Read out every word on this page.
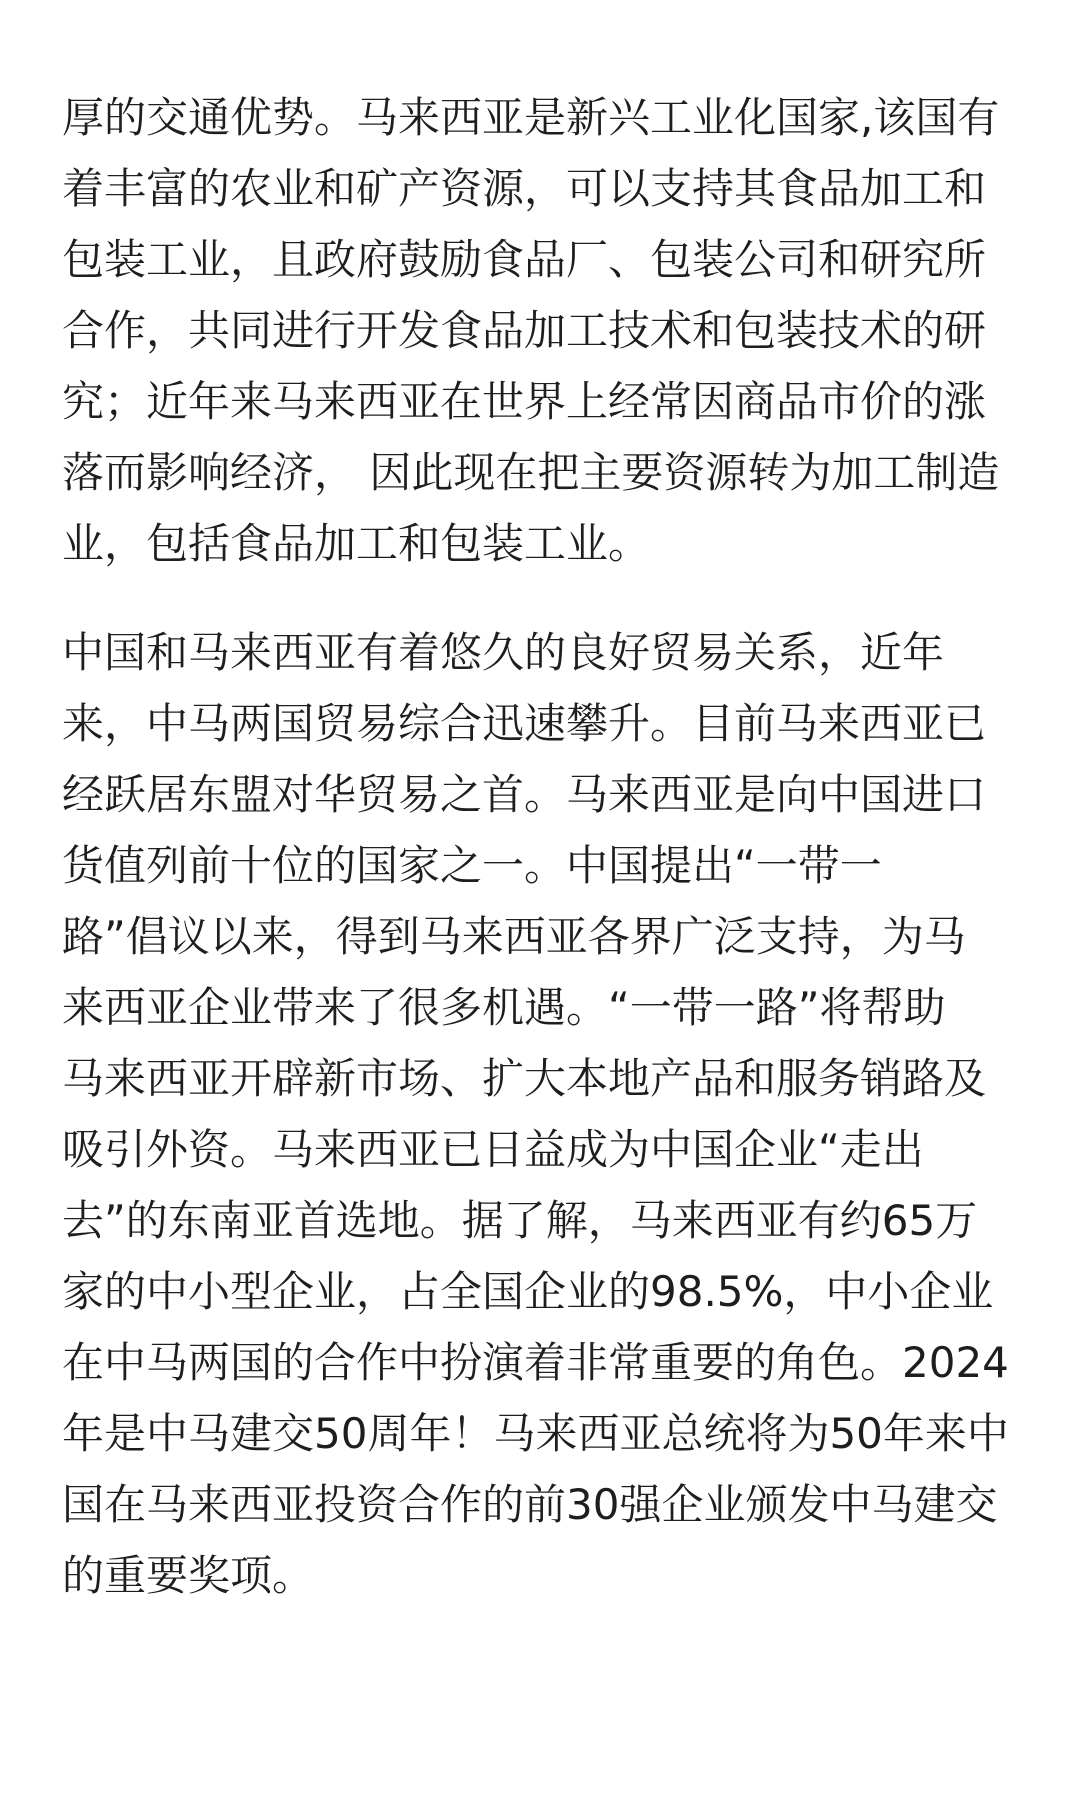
厚的交通优势。马来西亚是新兴工业化国家,该国有
着丰富的农业和矿产资源，可以支持其食品加工和
包装工业，且政府鼓励食品厂、包装公司和研究所
合作，共同进行开发食品加工技术和包装技术的研
究；近年来马来西亚在世界上经常因商品市价的涨
落而影响经济， 因此现在把主要资源转为加工制造
业，包括食品加工和包装工业。
中国和马来西亚有着悠久的良好贸易关系，近年
来，中马两国贸易综合迅速攀升。目前马来西亚已
经跃居东盟对华贸易之首。马来西亚是向中国进口
货值列前十位的国家之一。中国提出“一带一
路”倡议以来，得到马来西亚各界广泛支持，为马
来西亚企业带来了很多机遇。“一带一路”将帮助
马来西亚开辟新市场、扩大本地产品和服务销路及
吸引外资。马来西亚已日益成为中国企业“走出
去”的东南亚首选地。据了解，马来西亚有约65万
家的中小型企业，占全国企业的98.5%，中小企业
在中马两国的合作中扮演着非常重要的角色。2024
年是中马建交50周年！马来西亚总统将为50年来中
国在马来西亚投资合作的前30强企业颁发中马建交
的重要奖项。
